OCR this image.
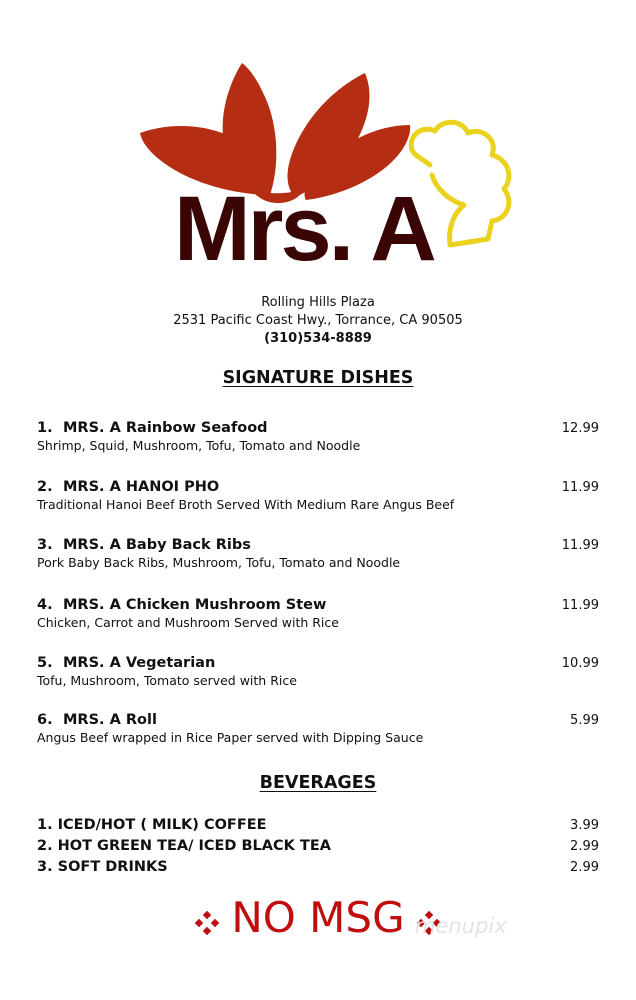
Mrs. A
Rolling Hills Plaza
2531 Pacific Coast Hwy., Torrance, CA 90505
(310)534-8889
SIGNATURE DISHES
1. MRS. A Rainbow Seafood	12.99
Shrimp, Squid, Mushroom, Tofu, Tomato and Noodle
2. MRS. A HANOI PHO	11.99
Traditional Hanoi Beef Broth Served With Medium Rare Angus Beef
3. MRS. A Baby Back Ribs	11.99
Pork Baby Back Ribs, Mushroom, Tofu, Tomato and Noodle
4. MRS. A Chicken Mushroom Stew	11.99
Chicken, Carrot and Mushroom Served with Rice
5. MRS. A Vegetarian	10.99
Tofu, Mushroom, Tomato served with Rice
6. MRS. A Roll	5.99
Angus Beef wrapped in Rice Paper served with Dipping Sauce
BEVERAGES
1. ICED/HOT ( MILK) COFFEE	3.99
2. HOT GREEN TEA/ ICED BLACK TEA	2.99
3. SOFT DRINKS	2.99
NO MSG menupix
